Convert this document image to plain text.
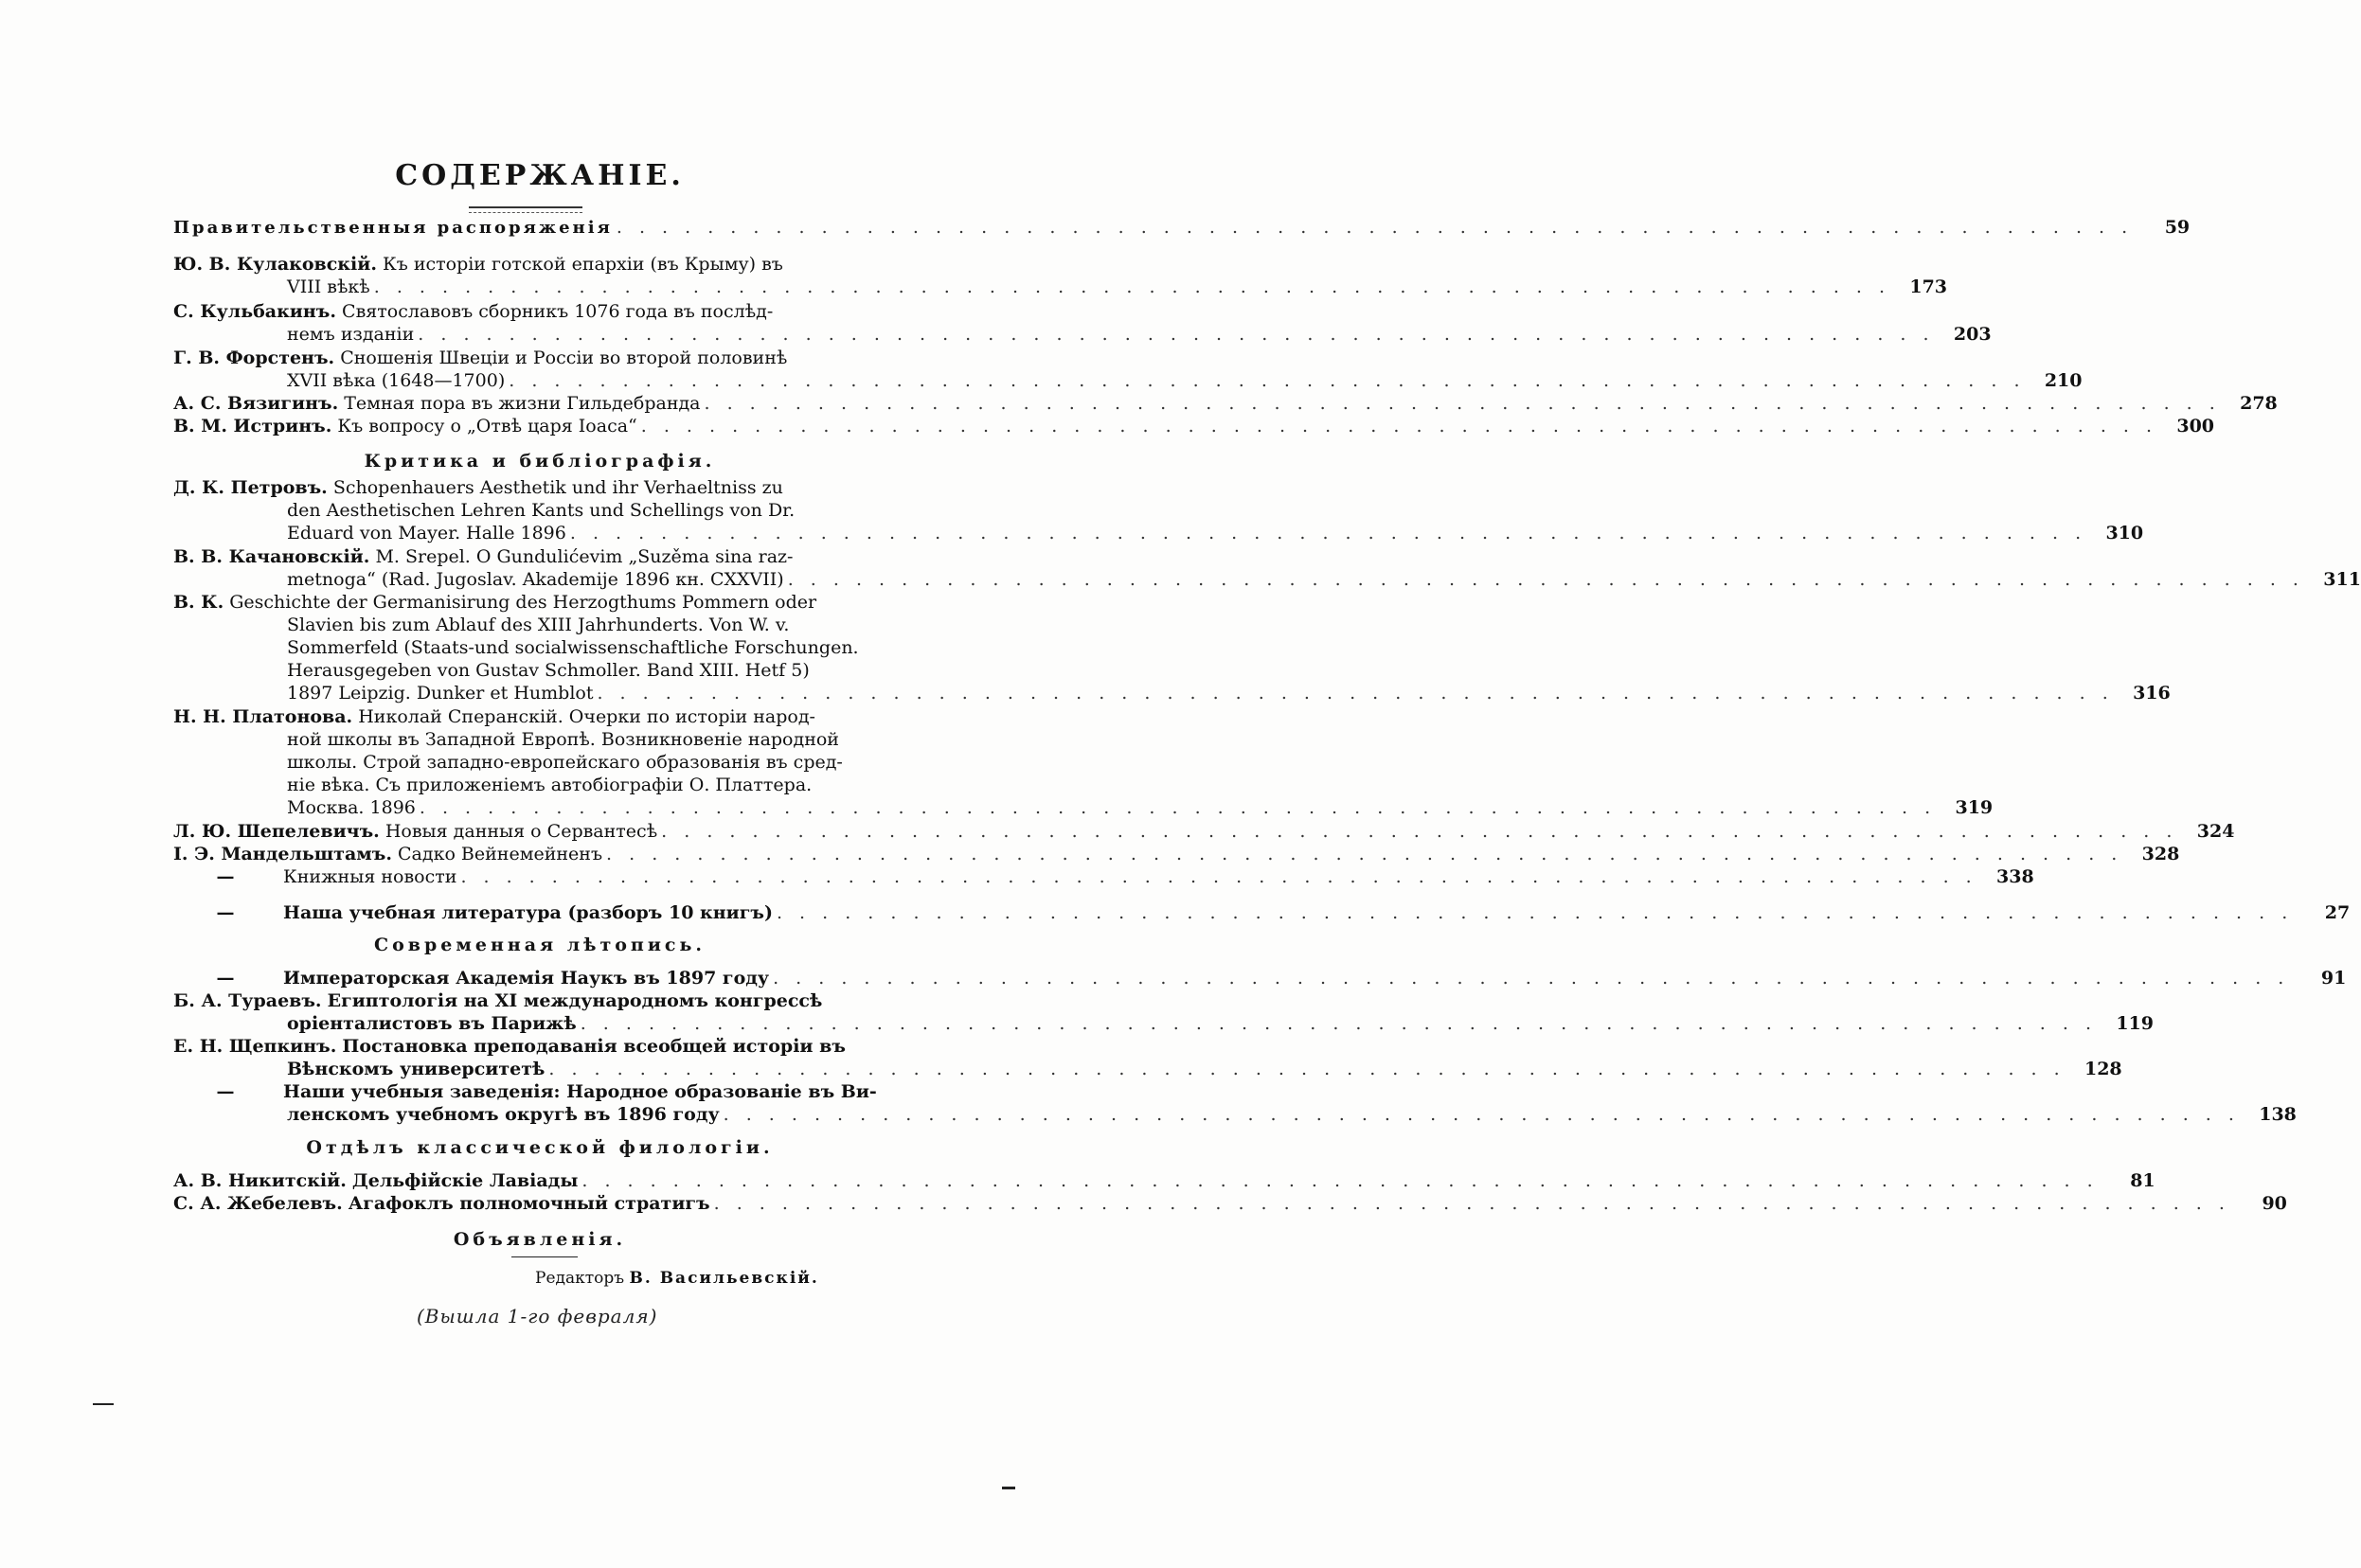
СОДЕРЖАНІЕ.
Правительственныя распоряженія . . .	59
Ю. В. Кулаковскій. Къ исторіи готской епархіи (въ Крыму) въ
VIII вѣкѣ . . .	173
С. Кульбакинъ. Святославовъ сборникъ 1076 года въ послѣд-
немъ изданіи . . .	203
Г. В. Форстенъ. Сношенія Швеціи и Россіи во второй половинѣ
XVII вѣка (1648—1700) . . .	210
А. С. Вязигинъ. Темная пора въ жизни Гильдебранда . . .	278
В. М. Истринъ. Къ вопросу о „Отвѣ царя Іоаса“ . . .	300
Критика и библіографія.
Д. К. Петровъ. Schopenhauers Aesthetik und ihr Verhaeltniss zu
den Aesthetischen Lehren Kants und Schellings von Dr.
Eduard von Mayer. Halle 1896 . . .	310
В. В. Качановскій. M. Srepel. O Gundulićevim „Suzěma sina raz-
metnoga“ (Rad. Jugoslav. Akademije 1896 кн. CXXVII) . . .	311
В. К. Geschichte der Germanisirung des Herzogthums Pommern oder
Slavien bis zum Ablauf des XIII Jahrhunderts. Von W. v.
Sommerfeld (Staats-und socialwissenschaftliche Forschungen.
Herausgegeben von Gustav Schmoller. Band XIII. Hetf 5)
1897 Leipzig. Dunker et Humblot . . .	316
Н. Н. Платонова. Николай Сперанскій. Очерки по исторіи народ-
ной школы въ Западной Европѣ. Возникновеніе народной
школы. Строй западно-европейскаго образованія въ сред-
ніе вѣка. Съ приложеніемъ автобіографіи О. Платтера.
Москва. 1896 . . .	319
Л. Ю. Шепелевичъ. Новыя данныя о Сервантесѣ . . .	324
І. Э. Мандельштамъ. Садко Вейнемейненъ . . .	328
—	Книжныя новости . . .	338
—	Наша учебная литература (разборъ 10 книгъ) . . .	27
Современная лѣтопись.
—	Императорская Академія Наукъ въ 1897 году . . .	91
Б. А. Тураевъ. Египтологія на XI международномъ конгрессѣ
оріенталистовъ въ Парижѣ . . .	119
Е. Н. Щепкинъ. Постановка преподаванія всеобщей исторіи въ
Вѣнскомъ университетѣ . . .	128
—	Наши учебныя заведенія: Народное образованіе въ Ви-
ленскомъ учебномъ округѣ въ 1896 году . . .	138
Отдѣлъ классической филологіи.
А. В. Никитскій. Дельфійскіе Лавіады . . .	81
С. А. Жебелевъ. Агафоклъ полномочный стратигъ . . .	90
Объявленія.
Редакторъ В. Васильевскій.
(Вышла 1-го февраля)
